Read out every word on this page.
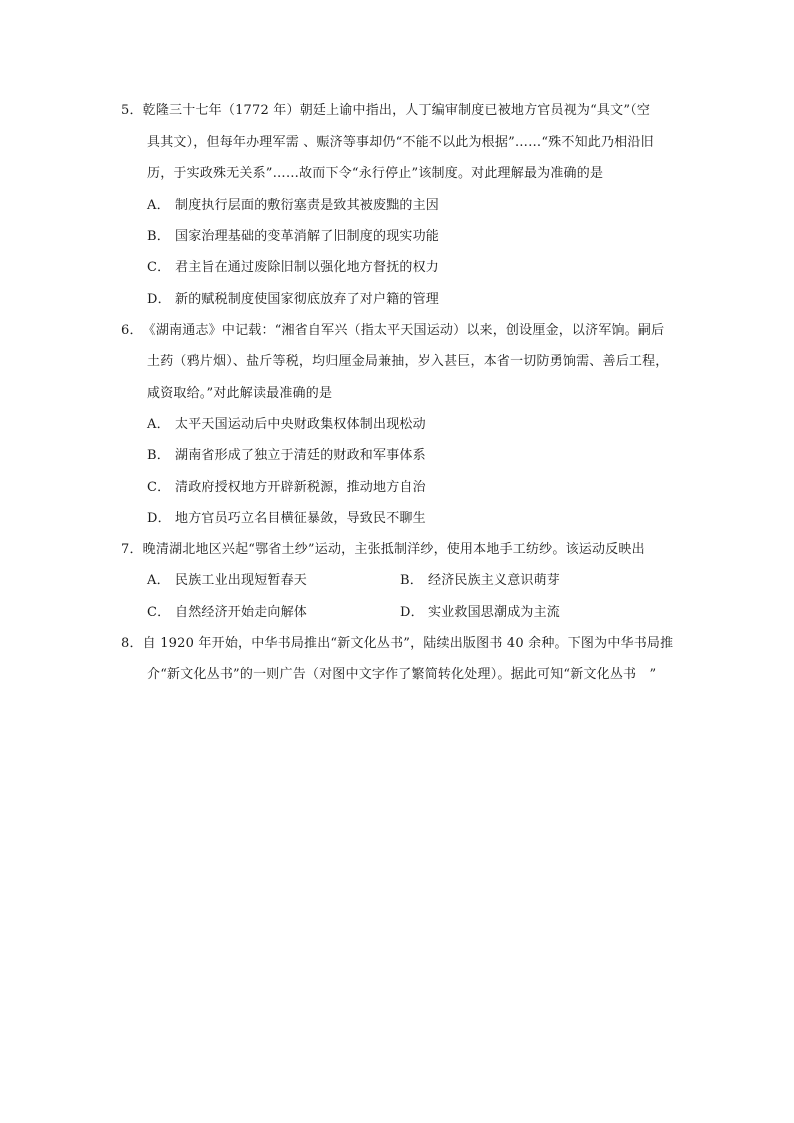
5．乾隆三十七年（1772 年）朝廷上谕中指出，人丁编审制度已被地方官员视为“具文”（空
具其文），但每年办理军需 、赈济等事却仍“不能不以此为根据”……“殊不知此乃相沿旧
历，于实政殊无关系”……故而下令“永行停止”该制度。对此理解最为准确的是
A． 制度执行层面的敷衍塞责是致其被废黜的主因
B． 国家治理基础的变革消解了旧制度的现实功能
C． 君主旨在通过废除旧制以强化地方督抚的权力
D． 新的赋税制度使国家彻底放弃了对户籍的管理
6．《湖南通志》中记载：“湘省自军兴（指太平天国运动）以来，创设厘金，以济军饷。嗣后
土药（鸦片烟）、盐斤等税，均归厘金局兼抽，岁入甚巨，本省一切防勇饷需、善后工程，
咸资取给。”对此解读最准确的是
A． 太平天国运动后中央财政集权体制出现松动
B． 湖南省形成了独立于清廷的财政和军事体系
C． 清政府授权地方开辟新税源，推动地方自治
D． 地方官员巧立名目横征暴敛，导致民不聊生
7．晚清湖北地区兴起“鄂省土纱”运动，主张抵制洋纱，使用本地手工纺纱。该运动反映出
A． 民族工业出现短暂春天	B． 经济民族主义意识萌芽
C． 自然经济开始走向解体	D． 实业救国思潮成为主流
8．自 1920 年开始，中华书局推出“新文化丛书”，陆续出版图书 40 余种。下图为中华书局推
介“新文化丛书”的一则广告（对图中文字作了繁简转化处理）。据此可知“新文化丛书　”
